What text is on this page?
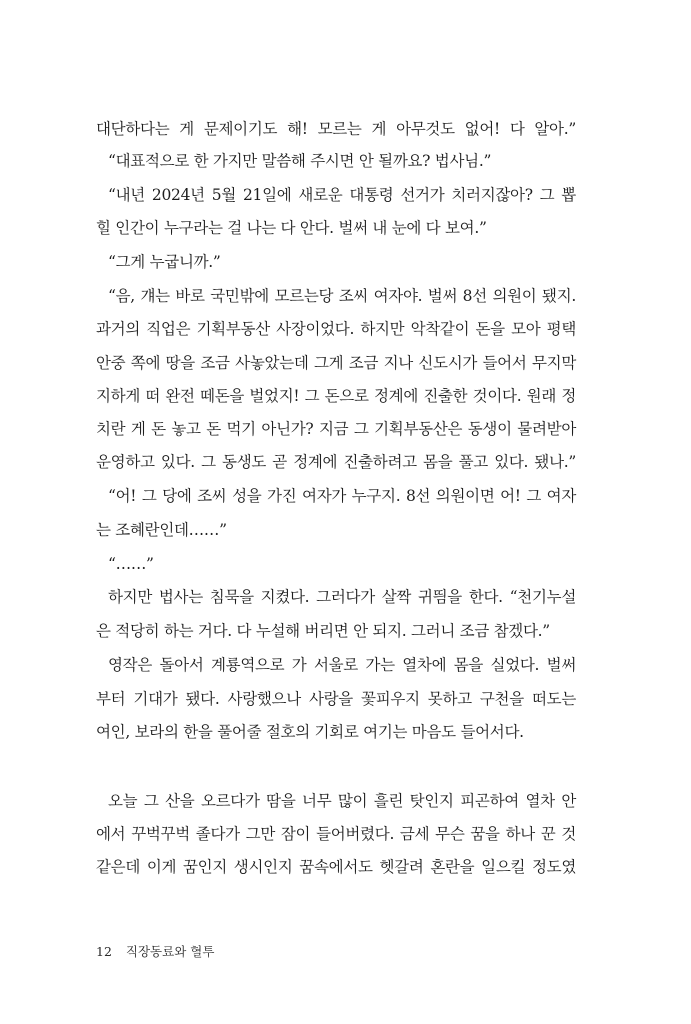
대단하다는 게 문제이기도 해! 모르는 게 아무것도 없어! 다 알아.”
“대표적으로 한 가지만 말씀해 주시면 안 될까요? 법사님.”
“내년 2024년 5월 21일에 새로운 대통령 선거가 치러지잖아? 그 뽑
힐 인간이 누구라는 걸 나는 다 안다. 벌써 내 눈에 다 보여.”
“그게 누굽니까.”
“음, 걔는 바로 국민밖에 모르는당 조씨 여자야. 벌써 8선 의원이 됐지.
과거의 직업은 기획부동산 사장이었다. 하지만 악착같이 돈을 모아 평택
안중 쪽에 땅을 조금 사놓았는데 그게 조금 지나 신도시가 들어서 무지막
지하게 떠 완전 떼돈을 벌었지! 그 돈으로 정계에 진출한 것이다. 원래 정
치란 게 돈 놓고 돈 먹기 아닌가? 지금 그 기획부동산은 동생이 물려받아
운영하고 있다. 그 동생도 곧 정계에 진출하려고 몸을 풀고 있다. 됐나.”
“어! 그 당에 조씨 성을 가진 여자가 누구지. 8선 의원이면 어! 그 여자
는 조혜란인데……”
“……”
하지만 법사는 침묵을 지켰다. 그러다가 살짝 귀띔을 한다. “천기누설
은 적당히 하는 거다. 다 누설해 버리면 안 되지. 그러니 조금 참겠다.”
영작은 돌아서 계룡역으로 가 서울로 가는 열차에 몸을 실었다. 벌써
부터 기대가 됐다. 사랑했으나 사랑을 꽃피우지 못하고 구천을 떠도는
여인, 보라의 한을 풀어줄 절호의 기회로 여기는 마음도 들어서다.
오늘 그 산을 오르다가 땀을 너무 많이 흘린 탓인지 피곤하여 열차 안
에서 꾸벅꾸벅 졸다가 그만 잠이 들어버렸다. 금세 무슨 꿈을 하나 꾼 것
같은데 이게 꿈인지 생시인지 꿈속에서도 헷갈려 혼란을 일으킬 정도였
12 직장동료와 혈투
